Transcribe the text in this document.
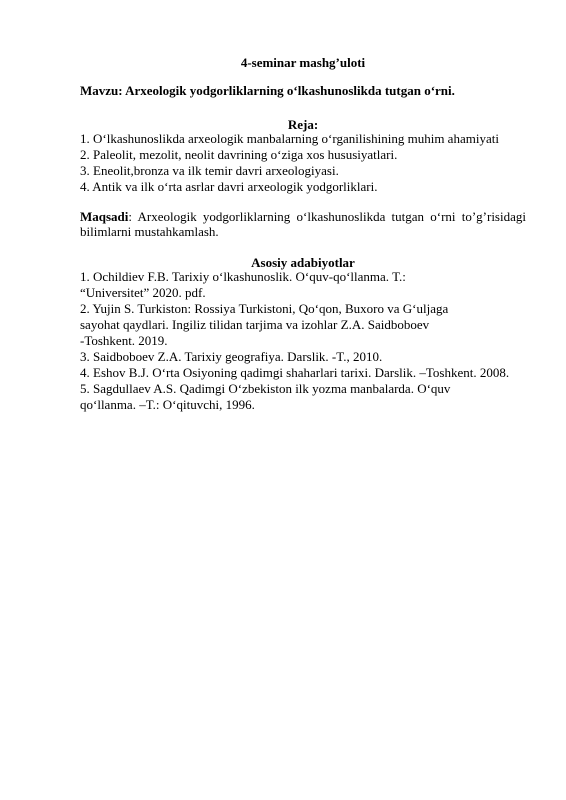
4-seminar mashg’uloti
Mavzu: Arxeologik yodgorliklarning oʻlkashunoslikda tutgan oʻrni.
Reja:
1. Oʻlkashunoslikda arxeologik manbalarning oʻrganilishining muhim ahamiyati
2. Paleolit, mezolit, neolit davrining oʻziga xos hususiyatlari.
3. Eneolit,bronza va ilk temir davri arxeologiyasi.
4. Antik va ilk oʻrta asrlar davri arxeologik yodgorliklari.
Maqsadi: Arxeologik yodgorliklarning oʻlkashunoslikda tutgan oʻrni to’g’risidagi bilimlarni mustahkamlash.
Asosiy adabiyotlar
1. Ochildiev F.B. Tarixiy oʻlkashunoslik. Oʻquv-qoʻllanma. T.:
“Universitet” 2020. pdf.
2. Yujin S. Turkiston: Rossiya Turkistoni, Qoʻqon, Buxoro va Gʻuljaga
sayohat qaydlari. Ingiliz tilidan tarjima va izohlar Z.A. Saidboboev
-Toshkent. 2019.
3. Saidboboev Z.A. Tarixiy geografiya. Darslik. -T., 2010.
4. Eshov B.J. Oʻrta Osiyoning qadimgi shaharlari tarixi. Darslik. –Toshkent. 2008.
5. Sagdullaev A.S. Qadimgi Oʻzbekiston ilk yozma manbalarda. Oʻquv
qoʻllanma. –T.: Oʻqituvchi, 1996.
